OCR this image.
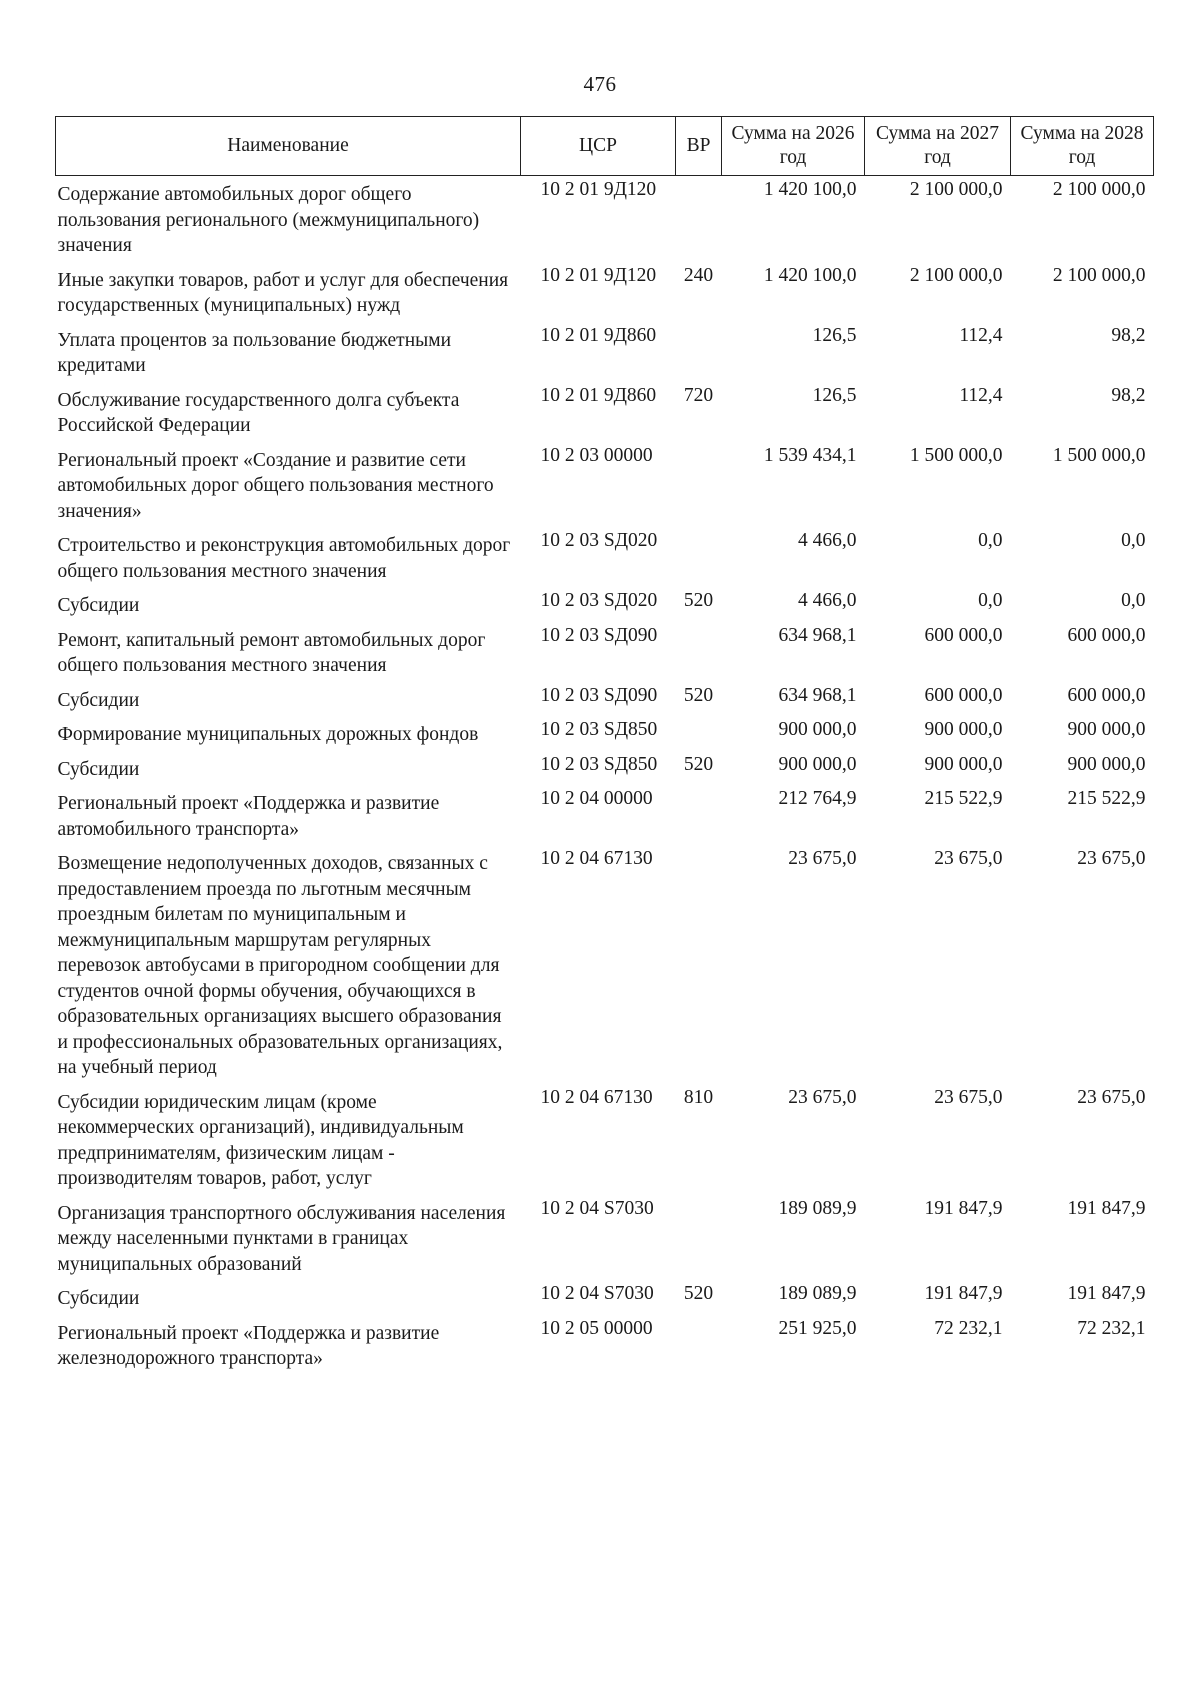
476
Наименование	ЦСР	ВР	Сумма на 2026 год	Сумма на 2027 год	Сумма на 2028 год
Содержание автомобильных дорог общего пользования регионального (межмуниципального) значения	10 2 01 9Д120		1 420 100,0	2 100 000,0	2 100 000,0
Иные закупки товаров, работ и услуг для обеспечения государственных (муниципальных) нужд	10 2 01 9Д120	240	1 420 100,0	2 100 000,0	2 100 000,0
Уплата процентов за пользование бюджетными кредитами	10 2 01 9Д860		126,5	112,4	98,2
Обслуживание государственного долга субъекта Российской Федерации	10 2 01 9Д860	720	126,5	112,4	98,2
Региональный проект «Создание и развитие сети автомобильных дорог общего пользования местного значения»	10 2 03 00000		1 539 434,1	1 500 000,0	1 500 000,0
Строительство и реконструкция автомобильных дорог общего пользования местного значения	10 2 03 SД020		4 466,0	0,0	0,0
Субсидии	10 2 03 SД020	520	4 466,0	0,0	0,0
Ремонт, капитальный ремонт автомобильных дорог общего пользования местного значения	10 2 03 SД090		634 968,1	600 000,0	600 000,0
Субсидии	10 2 03 SД090	520	634 968,1	600 000,0	600 000,0
Формирование муниципальных дорожных фондов	10 2 03 SД850		900 000,0	900 000,0	900 000,0
Субсидии	10 2 03 SД850	520	900 000,0	900 000,0	900 000,0
Региональный проект «Поддержка и развитие автомобильного транспорта»	10 2 04 00000		212 764,9	215 522,9	215 522,9
Возмещение недополученных доходов, связанных с предоставлением проезда по льготным месячным проездным билетам по муниципальным и межмуниципальным маршрутам регулярных перевозок автобусами в пригородном сообщении для студентов очной формы обучения, обучающихся в образовательных организациях высшего образования и профессиональных образовательных организациях, на учебный период	10 2 04 67130		23 675,0	23 675,0	23 675,0
Субсидии юридическим лицам (кроме некоммерческих организаций), индивидуальным предпринимателям, физическим лицам - производителям товаров, работ, услуг	10 2 04 67130	810	23 675,0	23 675,0	23 675,0
Организация транспортного обслуживания населения между населенными пунктами в границах муниципальных образований	10 2 04 S7030		189 089,9	191 847,9	191 847,9
Субсидии	10 2 04 S7030	520	189 089,9	191 847,9	191 847,9
Региональный проект «Поддержка и развитие железнодорожного транспорта»	10 2 05 00000		251 925,0	72 232,1	72 232,1
